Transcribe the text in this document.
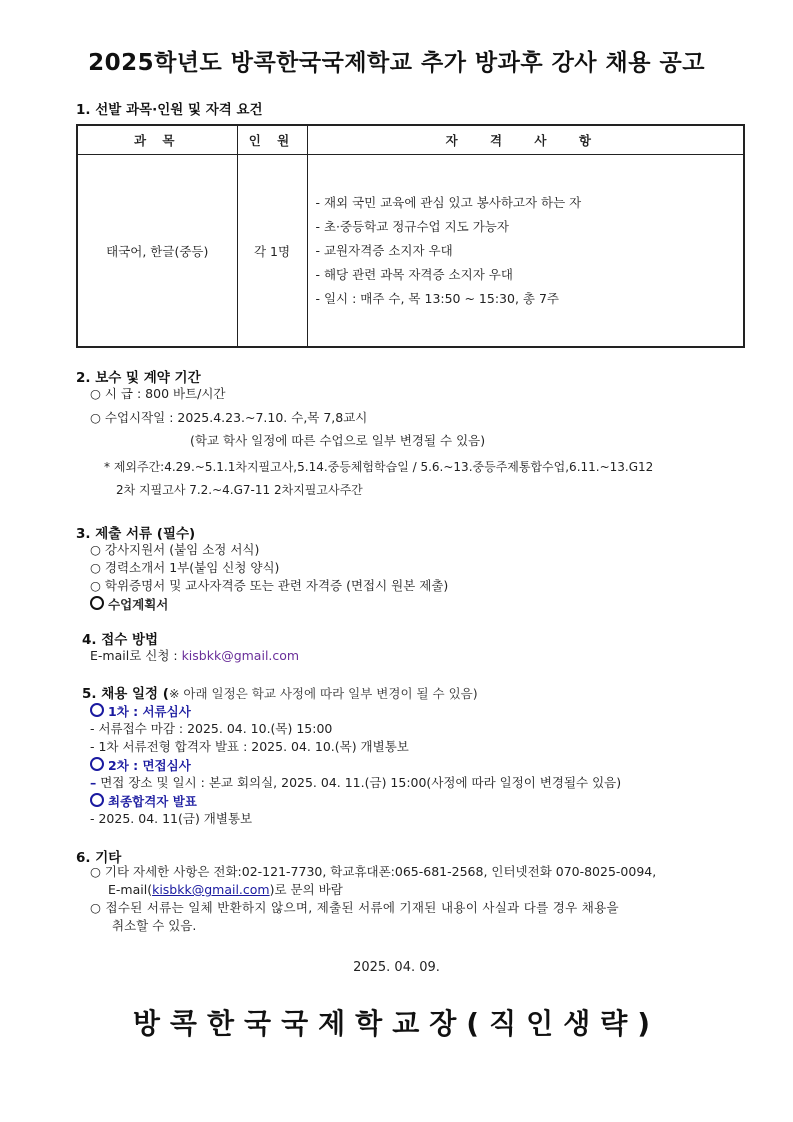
2025학년도 방콕한국국제학교 추가 방과후 강사 채용 공고
1. 선발 과목·인원 및 자격 요건
과 목	인 원	자 격 사 항
태국어, 한글(중등)	각 1명	- 재외 국민 교육에 관심 있고 봉사하고자 하는 자
- 초·중등학교 정규수업 지도 가능자
- 교원자격증 소지자 우대
- 해당 관련 과목 자격증 소지자 우대
- 일시 : 매주 수, 목 13:50 ~ 15:30, 총 7주
2. 보수 및 계약 기간
○ 시 급 : 800 바트/시간
○ 수업시작일 : 2025.4.23.~7.10. 수,목 7,8교시
(학교 학사 일정에 따른 수업으로 일부 변경될 수 있음)
* 제외주간:4.29.~5.1.1차지필고사,5.14.중등체험학습일 / 5.6.~13.중등주제통합수업,6.11.~13.G12
2차 지필고사 7.2.~4.G7-11 2차지필고사주간
3. 제출 서류 (필수)
○ 강사지원서 (붙임 소정 서식)
○ 경력소개서 1부(붙임 신청 양식)
○ 학위증명서 및 교사자격증 또는 관련 자격증 (면접시 원본 제출)
수업계획서
4. 접수 방법
E-mail로 신청 : kisbkk@gmail.com
5. 채용 일정 (※ 아래 일정은 학교 사정에 따라 일부 변경이 될 수 있음)
1차 : 서류심사
- 서류접수 마감 : 2025. 04. 10.(목) 15:00
- 1차 서류전형 합격자 발표 : 2025. 04. 10.(목) 개별통보
2차 : 면접심사
– 면접 장소 및 일시 : 본교 회의실, 2025. 04. 11.(금) 15:00(사정에 따라 일정이 변경될수 있음)
최종합격자 발표
- 2025. 04. 11(금) 개별통보
6. 기타
○ 기타 자세한 사항은 전화:02-121-7730, 학교휴대폰:065-681-2568, 인터넷전화 070-8025-0094,
E-mail(kisbkk@gmail.com)로 문의 바람
○ 접수된 서류는 일체 반환하지 않으며, 제출된 서류에 기재된 내용이 사실과 다를 경우 채용을
취소할 수 있음.
2025. 04. 09.
방콕한국국제학교장(직인생략)
